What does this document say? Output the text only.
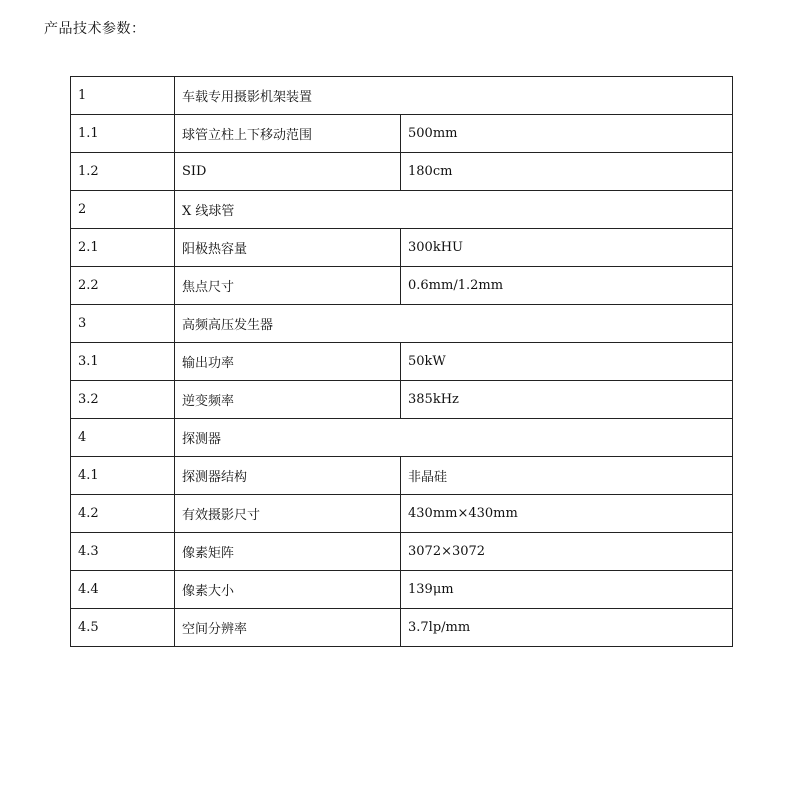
产品技术参数：
1	车载专用摄影机架装置	
1.1	球管立柱上下移动范围	500mm
1.2	SID	180cm
2	X 线球管	
2.1	阳极热容量	300kHU
2.2	焦点尺寸	0.6mm/1.2mm
3	高频高压发生器	
3.1	输出功率	50kW
3.2	逆变频率	385kHz
4	探测器	
4.1	探测器结构	非晶硅
4.2	有效摄影尺寸	430mm×430mm
4.3	像素矩阵	3072×3072
4.4	像素大小	139μm
4.5	空间分辨率	3.7lp/mm
